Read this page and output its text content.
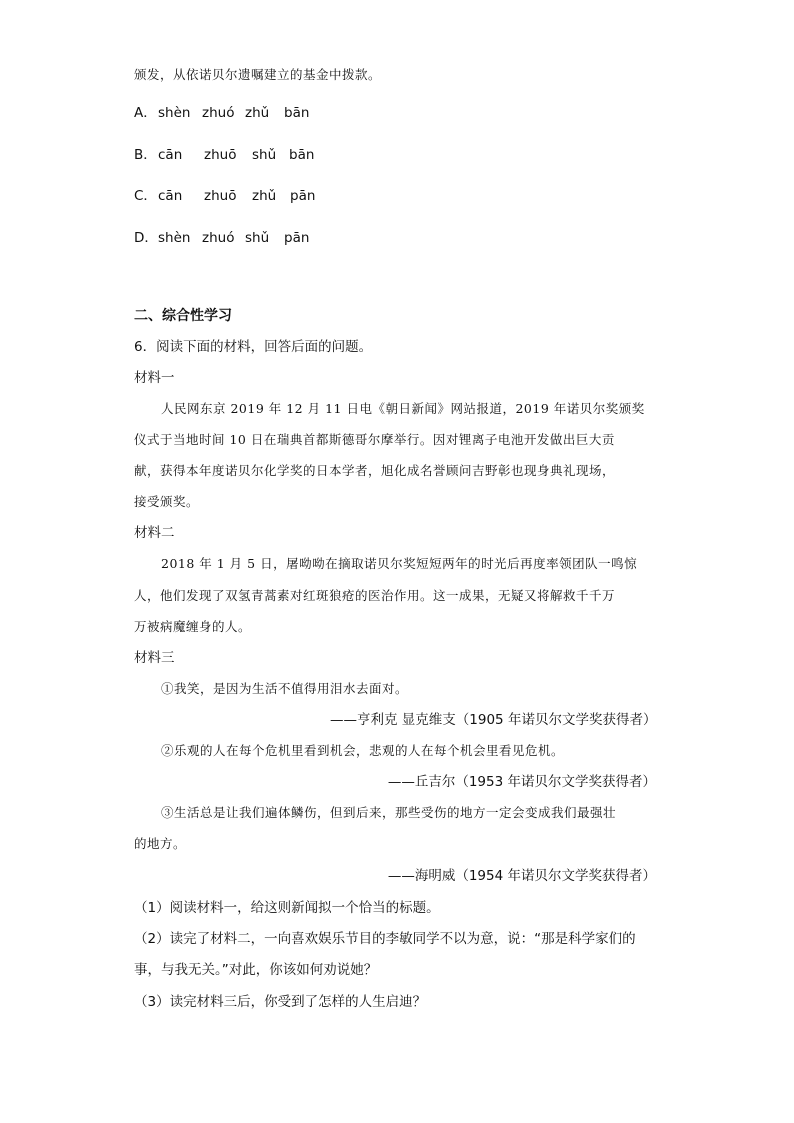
颁发，从依诺贝尔遗嘱建立的基金中拨款。
A．shèn zhuó zhǔ bān
B．cān zhuō shǔ bān
C．cān zhuō zhǔ pān
D．shèn zhuó shǔ pān
二、综合性学习
6．阅读下面的材料，回答后面的问题。
材料一
人民网东京 2019 年 12 月 11 日电《朝日新闻》网站报道，2019 年诺贝尔奖颁奖
仪式于当地时间 10 日在瑞典首都斯德哥尔摩举行。因对锂离子电池开发做出巨大贡
献，获得本年度诺贝尔化学奖的日本学者，旭化成名誉顾问吉野彰也现身典礼现场，
接受颁奖。
材料二
2018 年 1 月 5 日，屠呦呦在摘取诺贝尔奖短短两年的时光后再度率领团队一鸣惊
人，他们发现了双氢青蒿素对红斑狼疮的医治作用。这一成果，无疑又将解救千千万
万被病魔缠身的人。
材料三
①我笑，是因为生活不值得用泪水去面对。
——亨利克 显克维支（1905 年诺贝尔文学奖获得者）
②乐观的人在每个危机里看到机会，悲观的人在每个机会里看见危机。
——丘吉尔（1953 年诺贝尔文学奖获得者）
③生活总是让我们遍体鳞伤，但到后来，那些受伤的地方一定会变成我们最强壮
的地方。
——海明威（1954 年诺贝尔文学奖获得者）
（1）阅读材料一，给这则新闻拟一个恰当的标题。
（2）读完了材料二，一向喜欢娱乐节目的李敏同学不以为意，说：“那是科学家们的
事，与我无关。”对此，你该如何劝说她？
（3）读完材料三后，你受到了怎样的人生启迪？
